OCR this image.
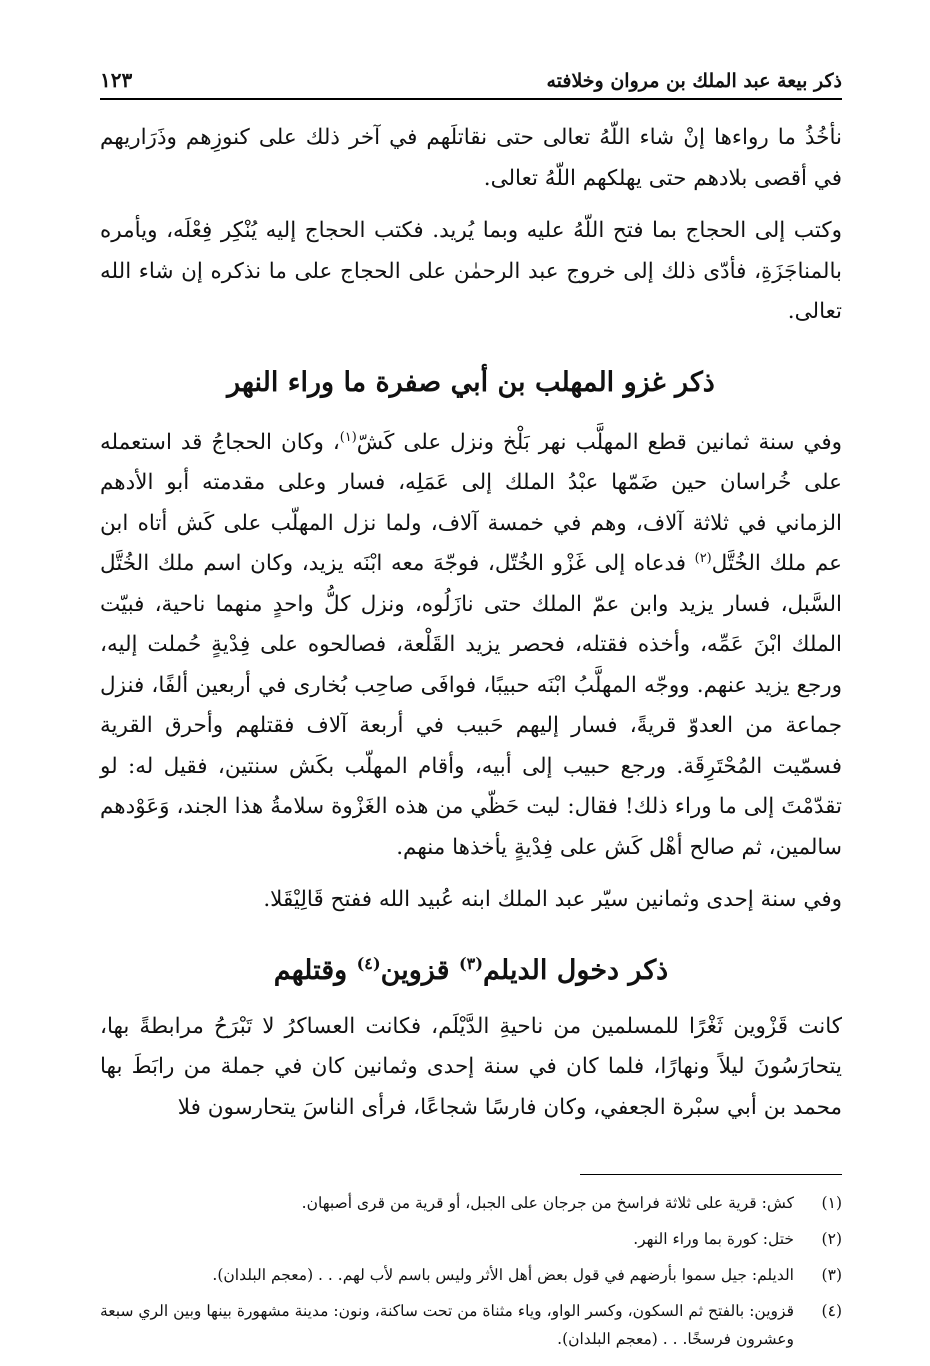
ذكر بيعة عبد الملك بن مروان وخلافته
١٢٣

نأخُذُ ما رواءها إنْ شاء اللّهُ تعالى حتى نقاتلَهم في آخر ذلك على كنوزِهم وذَرَاريهم في أقصى بلادهم حتى يهلكهم اللّهُ تعالى.

وكتب إلى الحجاج بما فتح اللّهُ عليه وبما يُريد. فكتب الحجاج إليه يُنْكِر فِعْلَه، ويأمره بالمناجَزَةِ، فأدّى ذلك إلى خروج عبد الرحمٰن على الحجاج على ما نذكره إن شاء الله تعالى.

ذكر غزو المهلب بن أبي صفرة ما وراء النهر

وفي سنة ثمانين قطع المهلَّب نهر بَلْخ ونزل على كَشّ$^{(١)}$، وكان الحجاجُ قد استعمله على خُراسان حين ضَمّها عبْدُ الملك إلى عَمَلِه، فسار وعلى مقدمته أبو الأدهم الزماني في ثلاثة آلاف، وهم في خمسة آلاف، ولما نزل المهلّب على كَش أتاه ابن عم ملك الخُتَّل$^{(٢)}$ فدعاه إلى غَزْو الخُتّل، فوجّهَ معه ابْنَه يزيد، وكان اسم ملك الخُتَّل السَّبل، فسار يزيد وابن عمّ الملك حتى نازَلُوه، ونزل كلُّ واحدٍ منهما ناحية، فبيّت الملك ابْنَ عَمِّه، وأخذه فقتله، فحصر يزيد القَلْعة، فصالحوه على فِدْيةٍ حُملت إليه، ورجع يزيد عنهم. ووجّه المهلَّبُ ابْنَه حبيبًا، فوافَى صاحِب بُخارى في أربعين ألفًا، فنزل جماعة من العدوّ قريةً، فسار إليهم حَبيب في أربعة آلاف فقتلهم وأحرق القرية فسمّيت المُحْتَرِقَة. ورجع حبيب إلى أبيه، وأقام المهلّب بكَش سنتين، فقيل له: لو تقدّمْتَ إلى ما وراء ذلك! فقال: ليت حَظّي من هذه الغَزْوة سلامةُ هذا الجند، وَعَوْدهم سالمين، ثم صالح أهْل كَش على فِدْيةٍ يأخذها منهم.

وفي سنة إحدى وثمانين سيّر عبد الملك ابنه عُبيد الله ففتح قَالِيْقَلا.

ذكر دخول الديلم$^{(٣)}$ قزوين$^{(٤)}$ وقتلهم

كانت قَزْوين ثَغْرًا للمسلمين من ناحيةِ الدَّيْلَم، فكانت العساكرُ لا تَبْرَحُ مرابطةً بها، يتحارَسُونَ ليلاً ونهارًا، فلما كان في سنة إحدى وثمانين كان في جملة من رابَطَ بها محمد بن أبي سبْرة الجعفي، وكان فارسًا شجاعًا، فرأى الناسَ يتحارسون فلا

(١)
كش: قرية على ثلاثة فراسخ من جرجان على الجبل، أو قرية من قرى أصبهان.
(٢)
ختل: كورة بما وراء النهر.
(٣)
الديلم: جيل سموا بأرضهم في قول بعض أهل الأثر وليس باسم لأب لهم. . . (معجم البلدان).
(٤)
قزوين: بالفتح ثم السكون، وكسر الواو، وياء مثناة من تحت ساكنة، ونون: مدينة مشهورة بينها وبين الري سبعة وعشرون فرسخًا. . . (معجم البلدان).
